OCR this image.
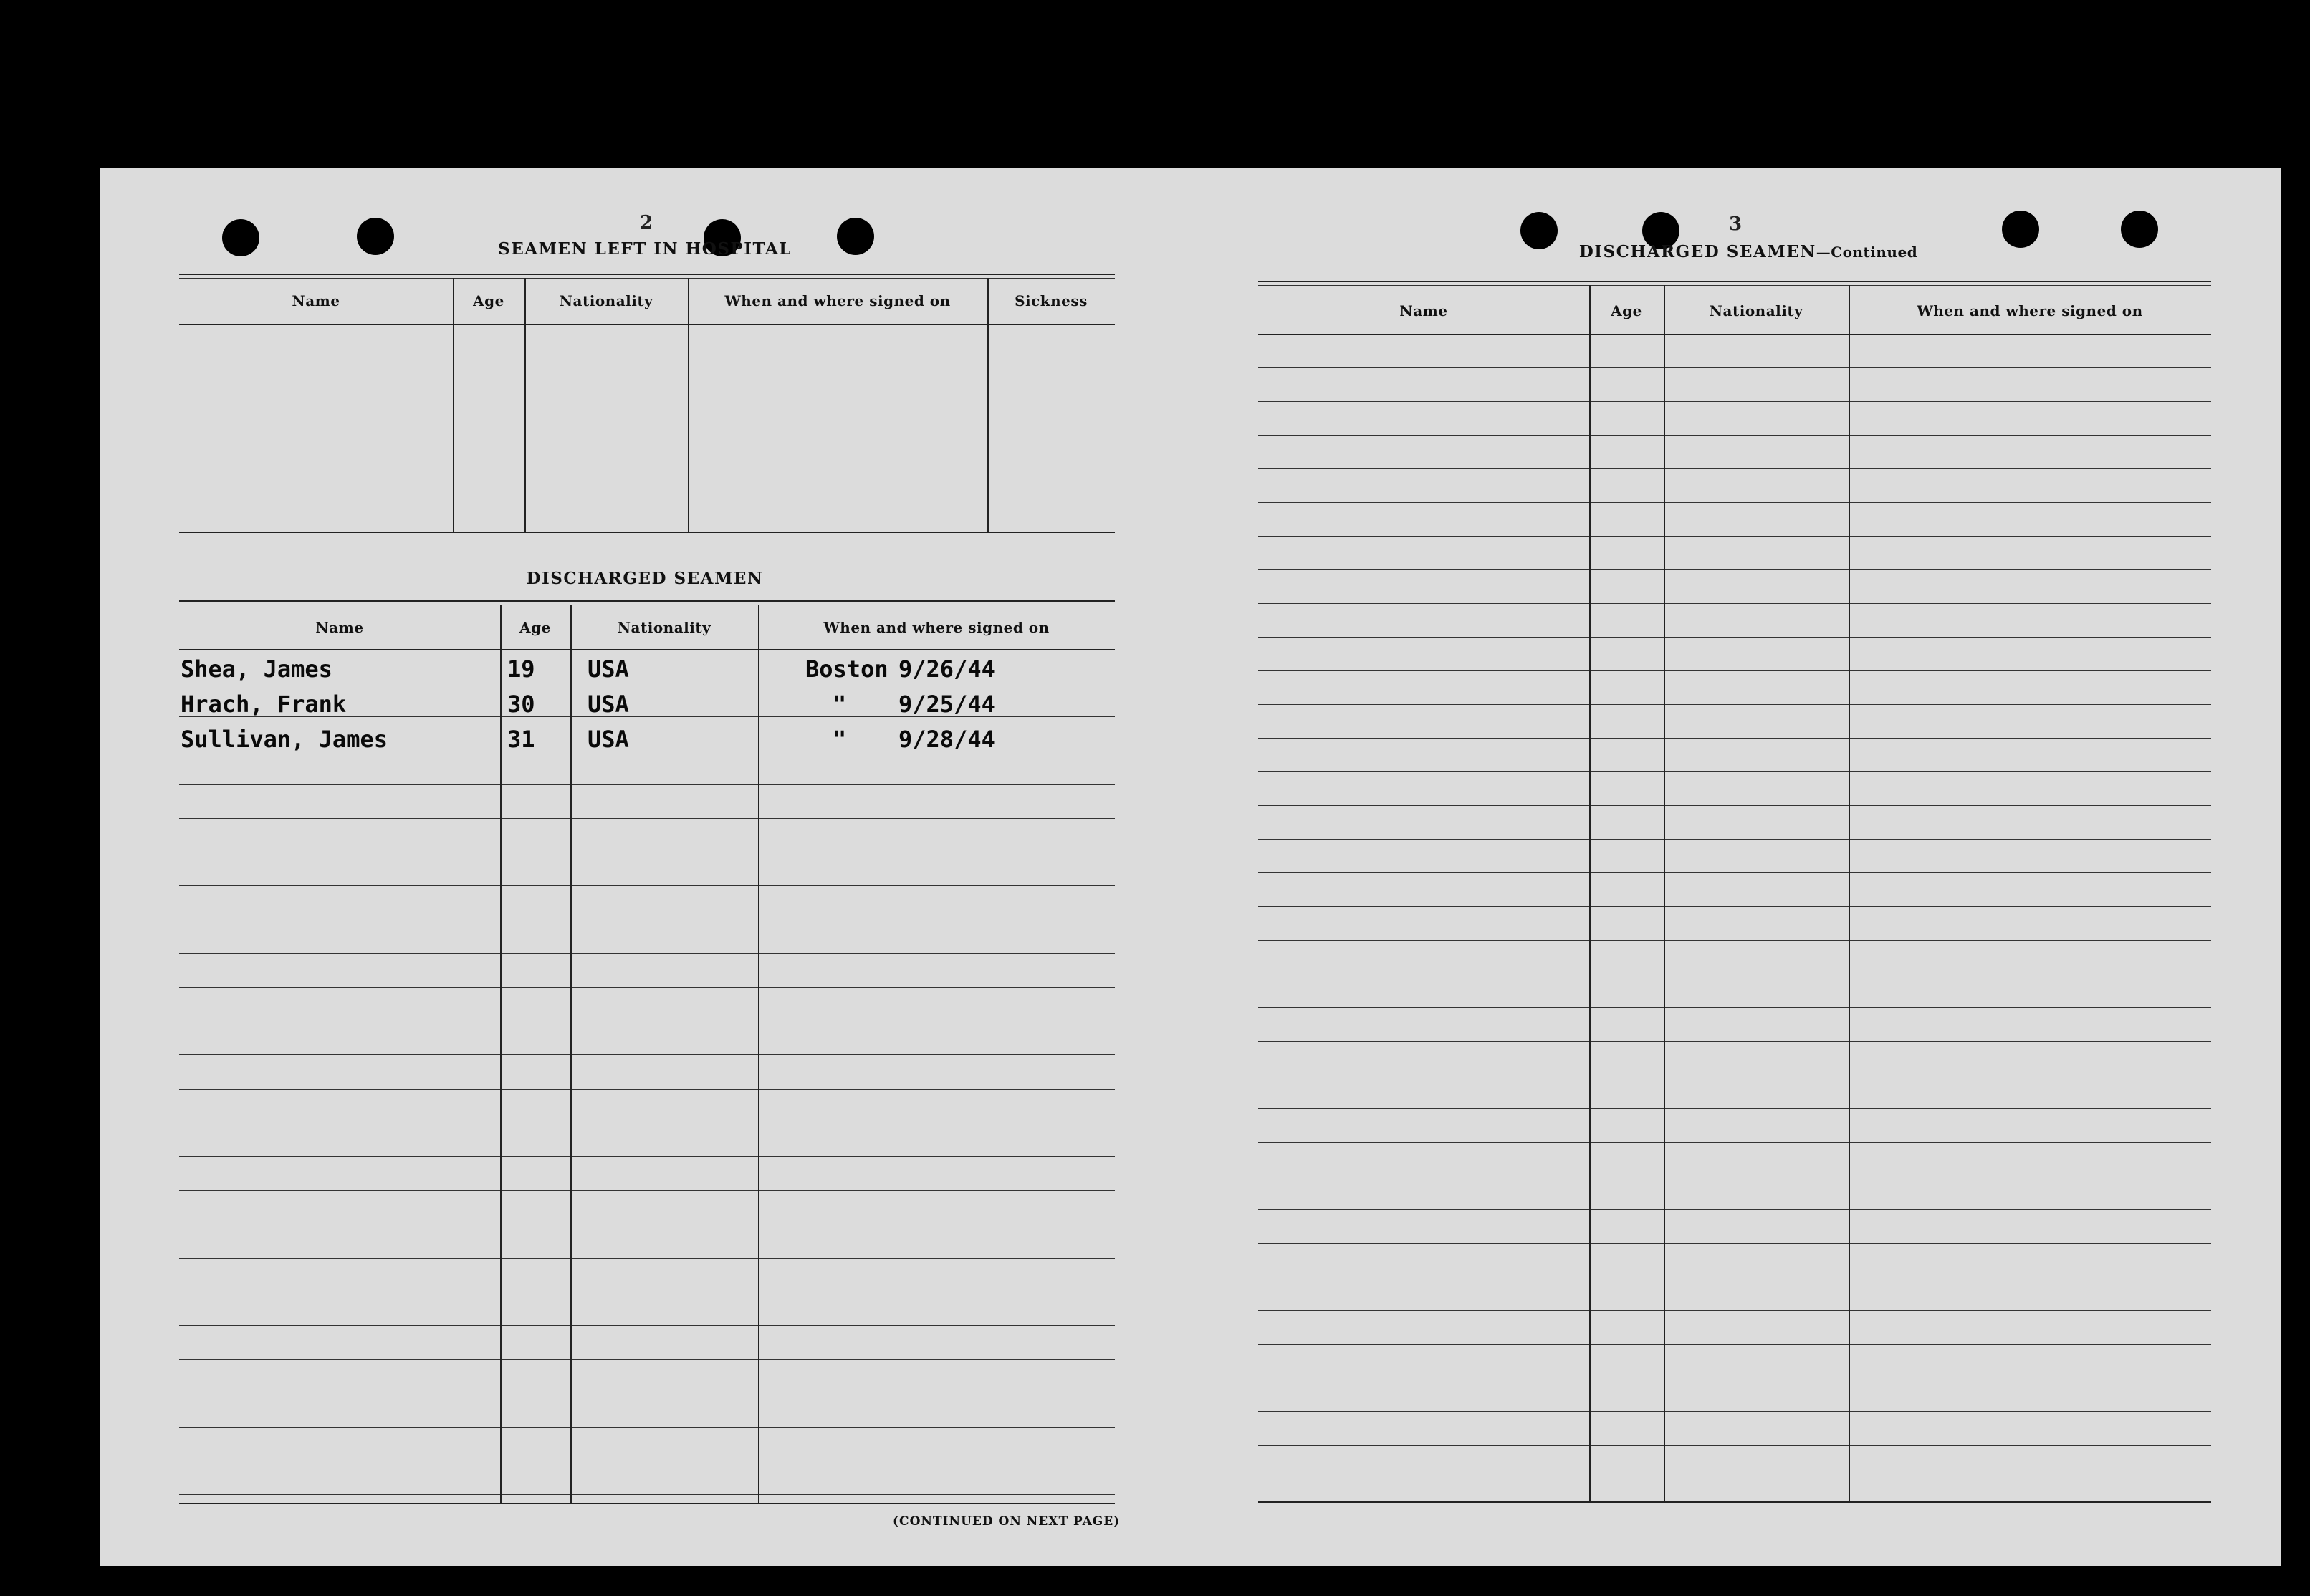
2
SEAMEN LEFT IN HOSPITAL
DISCHARGED SEAMEN
(CONTINUED ON NEXT PAGE)
3
DISCHARGED SEAMEN—Continued
Name	Age	Nationality	When and where signed on	Sickness
Name	Age	Nationality	When and where signed on
Shea, James	19 USA	Boston 9/26/44
Hrach, Frank	30 USA	" 9/25/44
Sullivan, James	31 USA	" 9/28/44
Name	Age	Nationality	When and where signed on
